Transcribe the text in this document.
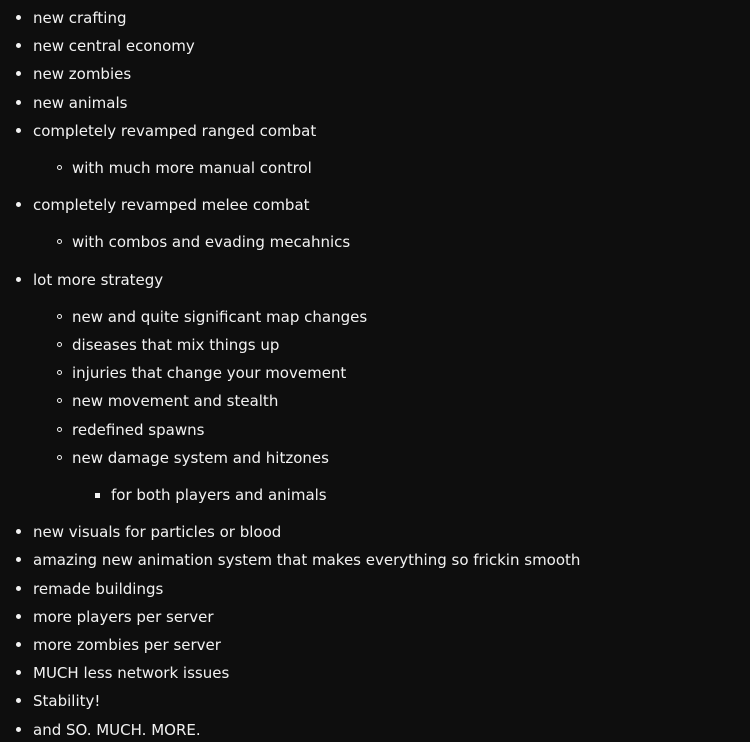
new crafting
new central economy
new zombies
new animals
completely revamped ranged combat
with much more manual control
completely revamped melee combat
with combos and evading mecahnics
lot more strategy
new and quite significant map changes
diseases that mix things up
injuries that change your movement
new movement and stealth
redefined spawns
new damage system and hitzones
for both players and animals
new visuals for particles or blood
amazing new animation system that makes everything so frickin smooth
remade buildings
more players per server
more zombies per server
MUCH less network issues
Stability!
and SO. MUCH. MORE.
